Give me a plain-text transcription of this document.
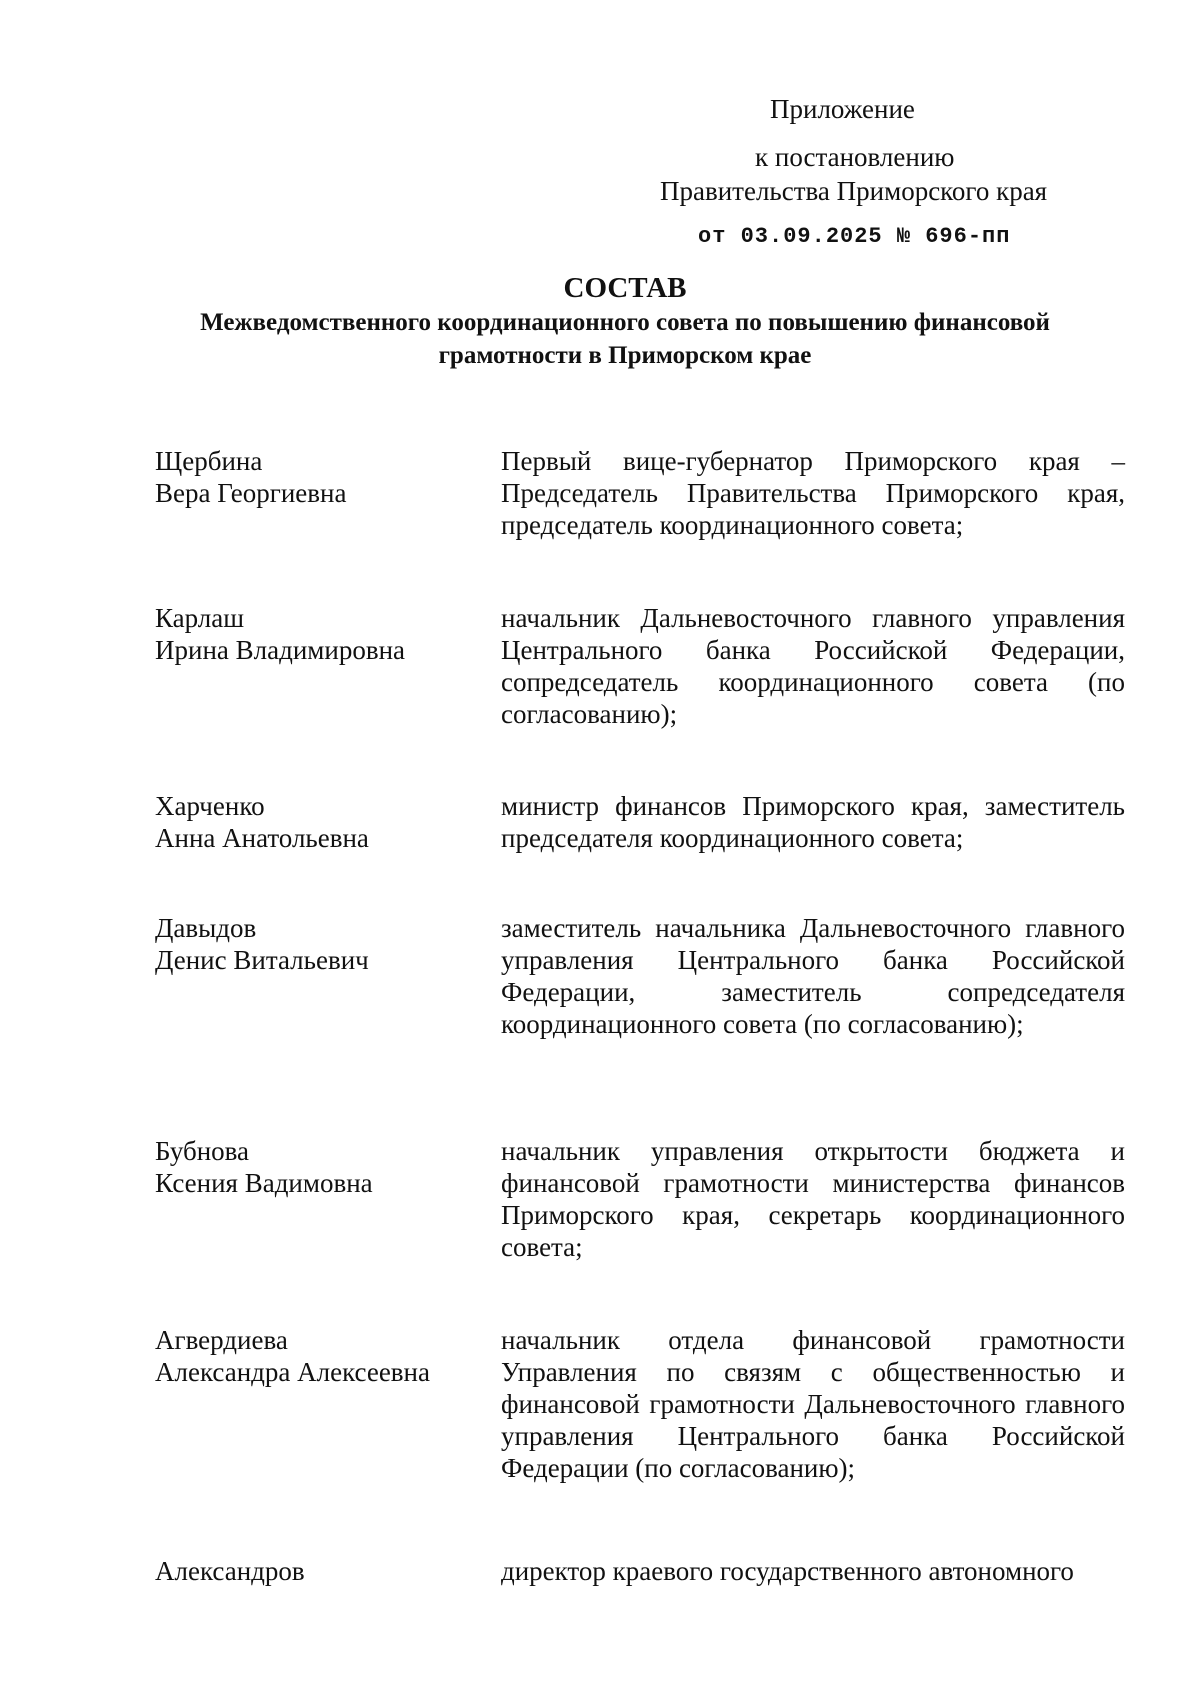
Приложение
к постановлению
Правительства Приморского края
от 03.09.2025 № 696-пп

СОСТАВ

Межведомственного координационного совета по повышению финансовой грамотности в Приморском крае

Щербина
Вера Георгиевна
Первый вице-губернатор Приморского края – Председатель Правительства Приморского края, председатель координационного совета;
Карлаш
Ирина Владимировна
начальник Дальневосточного главного управления Центрального банка Российской Федерации, сопредседатель координационного совета (по согласованию);
Харченко
Анна Анатольевна
министр финансов Приморского края, заместитель председателя координационного совета;
Давыдов
Денис Витальевич
заместитель начальника Дальневосточного главного управления Центрального банка Российской Федерации, заместитель сопредседателя координационного совета (по согласованию);
Бубнова
Ксения Вадимовна
начальник управления открытости бюджета и финансовой грамотности министерства финансов Приморского края, секретарь координационного совета;
Агвердиева
Александра Алексеевна
начальник отдела финансовой грамотности Управления по связям с общественностью и финансовой грамотности Дальневосточного главного управления Центрального банка Российской Федерации (по согласованию);
Александров	директор краевого государственного автономного
